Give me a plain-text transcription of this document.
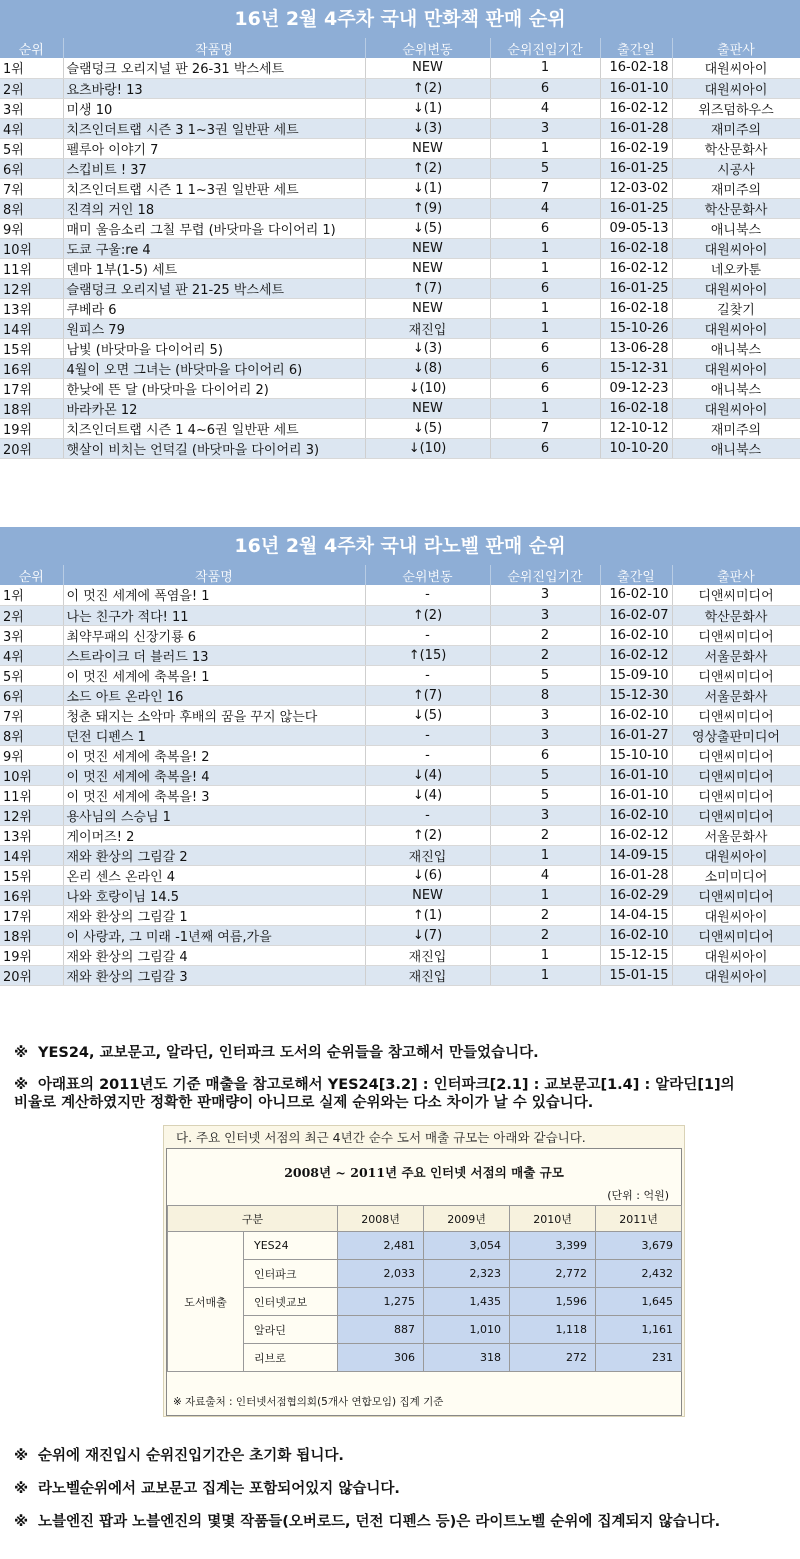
16년 2월 4주차 국내 만화책 판매 순위
순위	작품명	순위변동	순위진입기간	출간일	출판사
1위	슬램덩크 오리지널 판 26-31 박스세트	NEW	1	16-02-18	대원씨아이
2위	요츠바랑! 13	↑(2)	6	16-01-10	대원씨아이
3위	미생 10	↓(1)	4	16-02-12	위즈덤하우스
4위	치즈인더트랩 시즌 3 1~3권 일반판 세트	↓(3)	3	16-01-28	재미주의
5위	펠루아 이야기 7	NEW	1	16-02-19	학산문화사
6위	스킵비트 ! 37	↑(2)	5	16-01-25	시공사
7위	치즈인더트랩 시즌 1 1~3권 일반판 세트	↓(1)	7	12-03-02	재미주의
8위	진격의 거인 18	↑(9)	4	16-01-25	학산문화사
9위	매미 울음소리 그칠 무렵 (바닷마을 다이어리 1)	↓(5)	6	09-05-13	애니북스
10위	도쿄 구울:re 4	NEW	1	16-02-18	대원씨아이
11위	덴마 1부(1-5) 세트	NEW	1	16-02-12	네오카툰
12위	슬램덩크 오리지널 판 21-25 박스세트	↑(7)	6	16-01-25	대원씨아이
13위	쿠베라 6	NEW	1	16-02-18	길찾기
14위	원피스 79	재진입	1	15-10-26	대원씨아이
15위	남빛 (바닷마을 다이어리 5)	↓(3)	6	13-06-28	애니북스
16위	4월이 오면 그녀는 (바닷마을 다이어리 6)	↓(8)	6	15-12-31	대원씨아이
17위	한낮에 뜬 달 (바닷마을 다이어리 2)	↓(10)	6	09-12-23	애니북스
18위	바라카몬 12	NEW	1	16-02-18	대원씨아이
19위	치즈인더트랩 시즌 1 4~6권 일반판 세트	↓(5)	7	12-10-12	재미주의
20위	햇살이 비치는 언덕길 (바닷마을 다이어리 3)	↓(10)	6	10-10-20	애니북스
16년 2월 4주차 국내 라노벨 판매 순위
순위	작품명	순위변동	순위진입기간	출간일	출판사
1위	이 멋진 세계에 폭염을! 1	-	3	16-02-10	디앤씨미디어
2위	나는 친구가 적다! 11	↑(2)	3	16-02-07	학산문화사
3위	최약무패의 신장기룡 6	-	2	16-02-10	디앤씨미디어
4위	스트라이크 더 블러드 13	↑(15)	2	16-02-12	서울문화사
5위	이 멋진 세계에 축복을! 1	-	5	15-09-10	디앤씨미디어
6위	소드 아트 온라인 16	↑(7)	8	15-12-30	서울문화사
7위	청춘 돼지는 소악마 후배의 꿈을 꾸지 않는다	↓(5)	3	16-02-10	디앤씨미디어
8위	던전 디펜스 1	-	3	16-01-27	영상출판미디어
9위	이 멋진 세계에 축복을! 2	-	6	15-10-10	디앤씨미디어
10위	이 멋진 세계에 축복을! 4	↓(4)	5	16-01-10	디앤씨미디어
11위	이 멋진 세계에 축복을! 3	↓(4)	5	16-01-10	디앤씨미디어
12위	용사님의 스승님 1	-	3	16-02-10	디앤씨미디어
13위	게이머즈! 2	↑(2)	2	16-02-12	서울문화사
14위	재와 환상의 그림갈 2	재진입	1	14-09-15	대원씨아이
15위	온리 센스 온라인 4	↓(6)	4	16-01-28	소미미디어
16위	나와 호랑이님 14.5	NEW	1	16-02-29	디앤씨미디어
17위	재와 환상의 그림갈 1	↑(1)	2	14-04-15	대원씨아이
18위	이 사랑과, 그 미래 -1년째 여름,가을	↓(7)	2	16-02-10	디앤씨미디어
19위	재와 환상의 그림갈 4	재진입	1	15-12-15	대원씨아이
20위	재와 환상의 그림갈 3	재진입	1	15-01-15	대원씨아이
※ YES24, 교보문고, 알라딘, 인터파크 도서의 순위들을 참고해서 만들었습니다.
※ 아래표의 2011년도 기준 매출을 참고로해서 YES24[3.2] : 인터파크[2.1] : 교보문고[1.4] : 알라딘[1]의
비율로 계산하였지만 정확한 판매량이 아니므로 실제 순위와는 다소 차이가 날 수 있습니다.
다. 주요 인터넷 서점의 최근 4년간 순수 도서 매출 규모는 아래와 같습니다.
2008년 ~ 2011년 주요 인터넷 서점의 매출 규모
(단위 : 억원)
구분		2008년	2009년	2010년	2011년
도서매출	YES24	2,481	3,054	3,399	3,679
	인터파크	2,033	2,323	2,772	2,432
	인터넷교보	1,275	1,435	1,596	1,645
	알라딘	887	1,010	1,118	1,161
	리브로	306	318	272	231
※ 자료출처 : 인터넷서점협의회(5개사 연합모임) 집계 기준
※ 순위에 재진입시 순위진입기간은 초기화 됩니다.
※ 라노벨순위에서 교보문고 집계는 포함되어있지 않습니다.
※ 노블엔진 팝과 노블엔진의 몇몇 작품들(오버로드, 던전 디펜스 등)은 라이트노벨 순위에 집계되지 않습니다.
